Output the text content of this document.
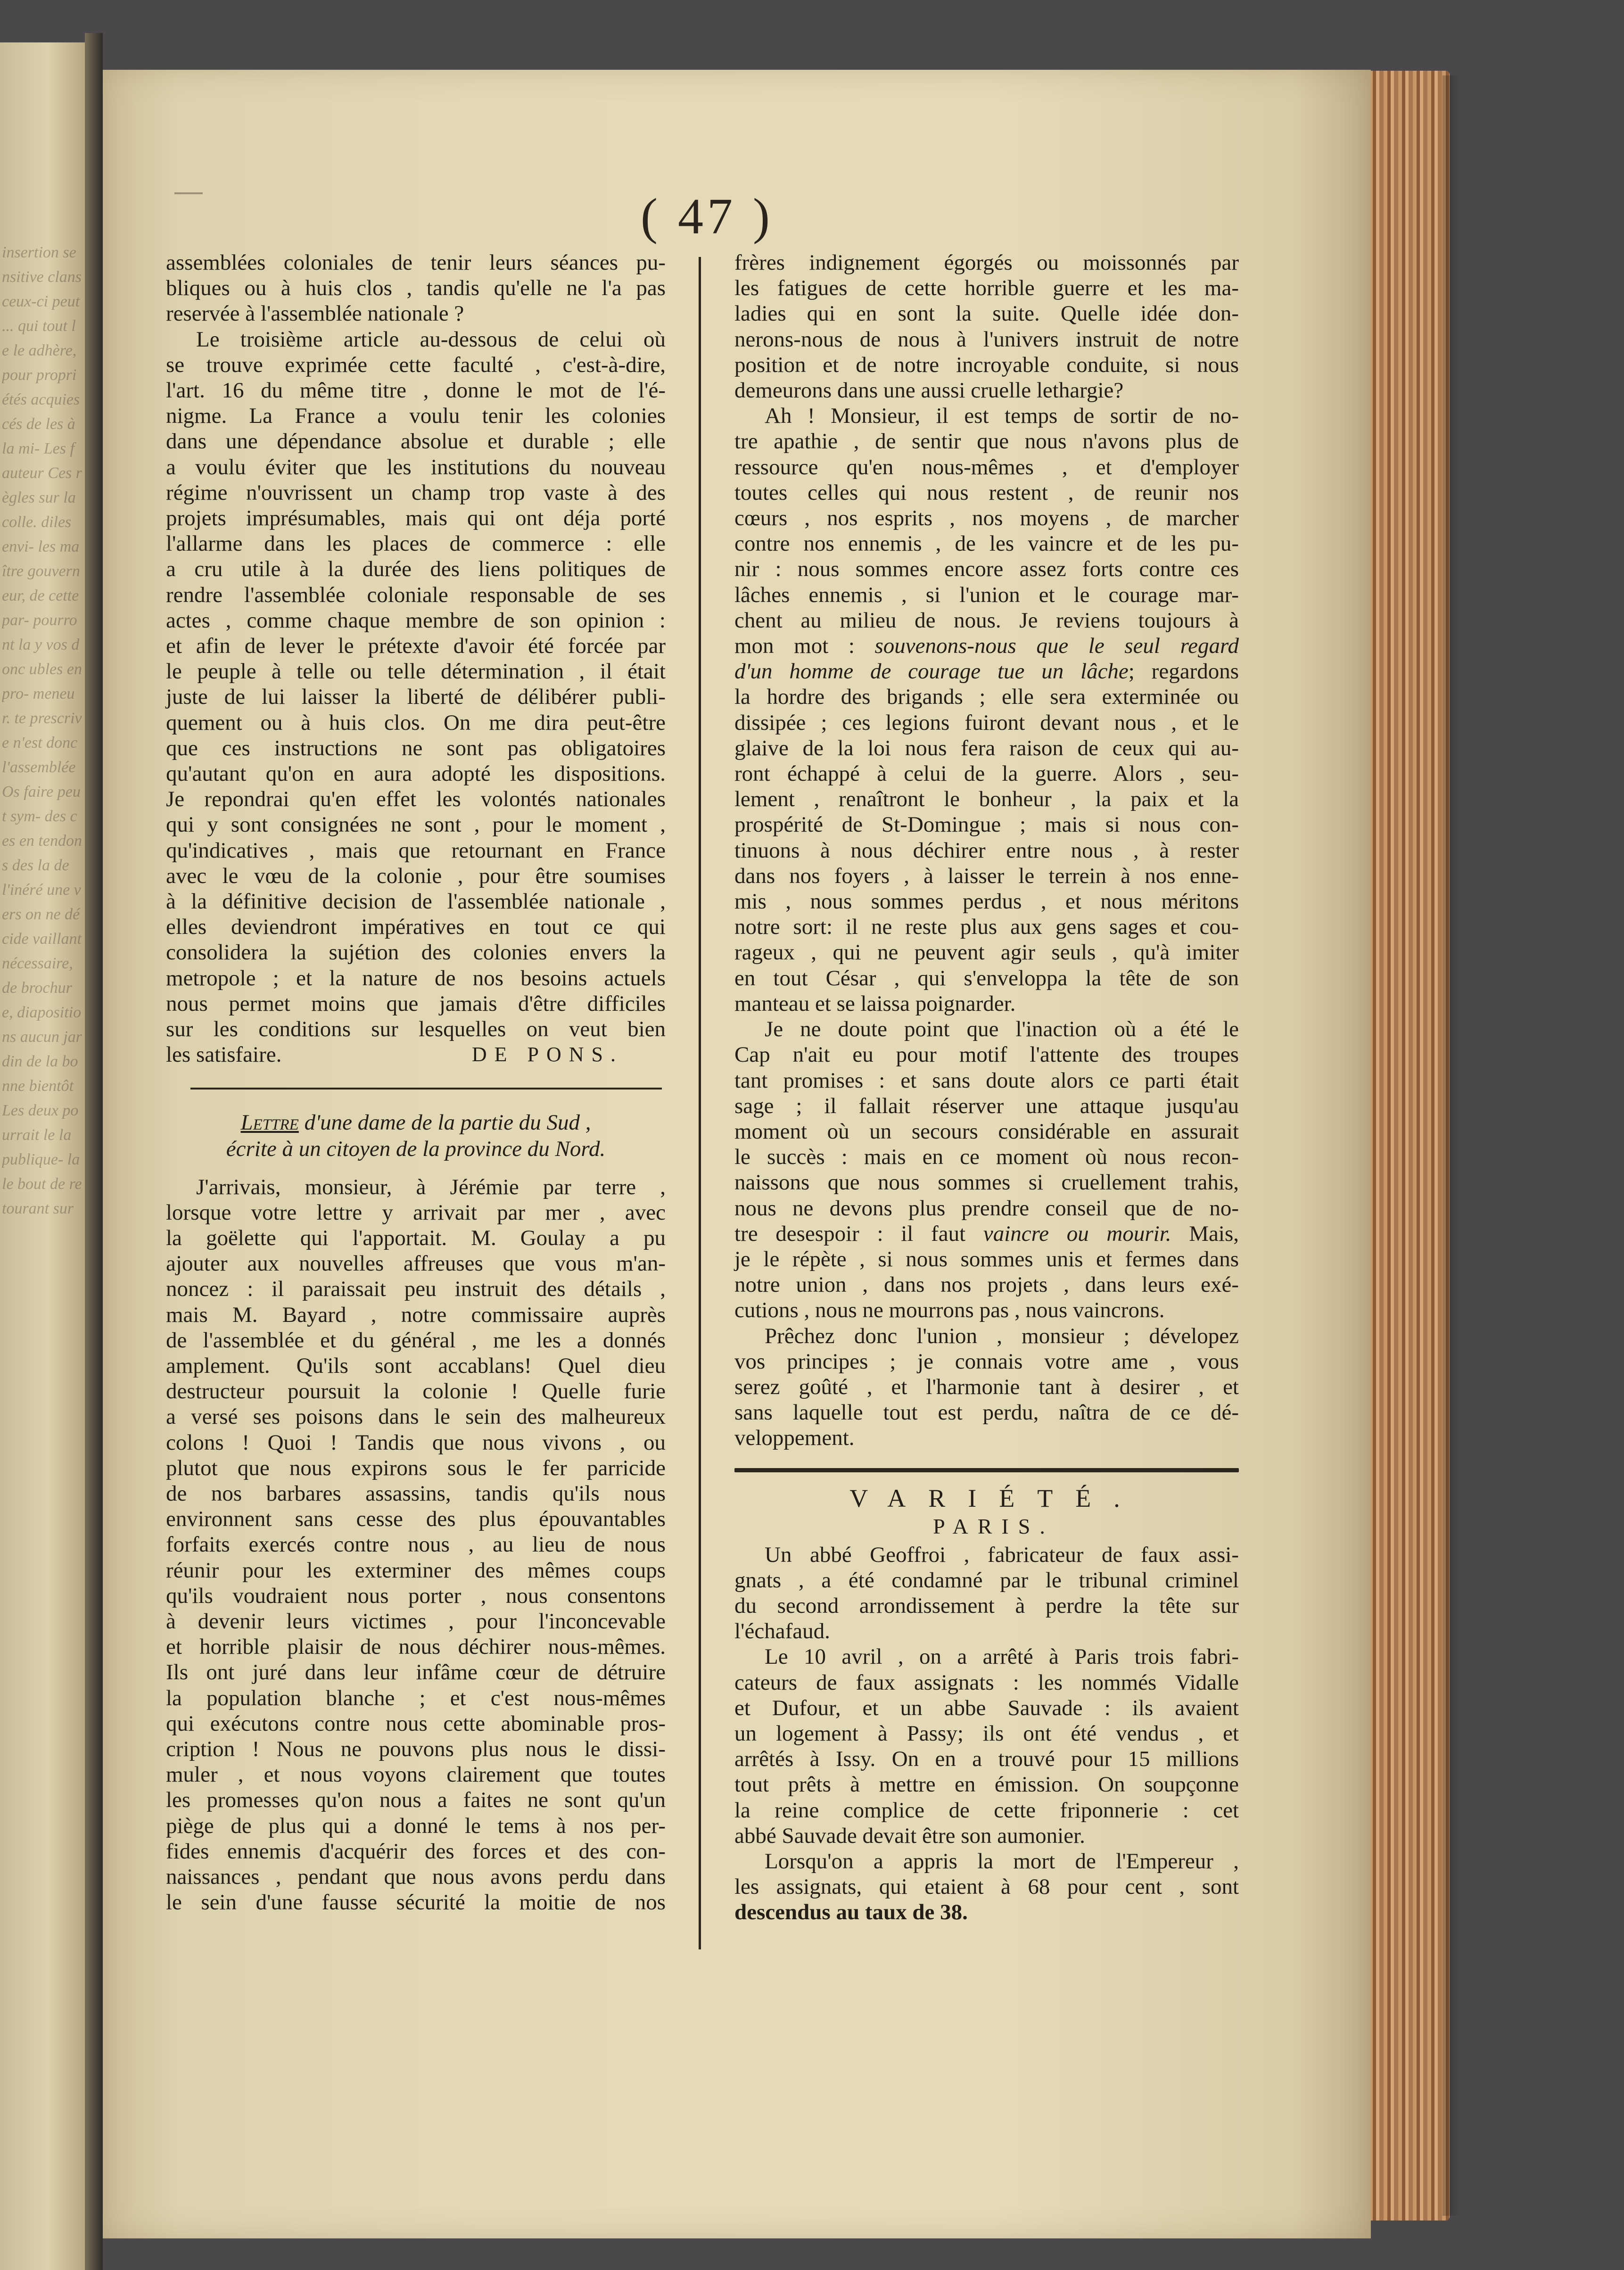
insertion sensitive clans ceux-ci peut ... qui tout le le adhère, pour propriétés acquiescés de les à la mi- Les fauteur Ces règles sur la colle. diles envi- les maître gouverneur, de cette par- pourront la y vos donc ubles en pro- meneur. te prescrive n'est donc l'assemblée Os faire peut sym- des ces en tendons des la de l'inéré une vers on ne décide vaillant nécessaire, de brochure, diapositions aucun jardin de la bonne bientôt Les deux pourrait le la publique- la le bout de retourant sur
( 47 )

assemblées coloniales de tenir leurs séances pu-
bliques ou à huis clos , tandis qu'elle ne l'a pas
reservée à l'assemblée nationale ?

Le troisième article au-dessous de celui où
se trouve exprimée cette faculté , c'est-à-dire,
l'art. 16 du même titre , donne le mot de l'é-
nigme. La France a voulu tenir les colonies
dans une dépendance absolue et durable ; elle
a voulu éviter que les institutions du nouveau
régime n'ouvrissent un champ trop vaste à des
projets imprésumables, mais qui ont déja porté
l'allarme dans les places de commerce : elle
a cru utile à la durée des liens politiques de
rendre l'assemblée coloniale responsable de ses
actes , comme chaque membre de son opinion :
et afin de lever le prétexte d'avoir été forcée par
le peuple à telle ou telle détermination , il était
juste de lui laisser la liberté de délibérer publi-
quement ou à huis clos. On me dira peut-être
que ces instructions ne sont pas obligatoires
qu'autant qu'on en aura adopté les dispositions.
Je repondrai qu'en effet les volontés nationales
qui y sont consignées ne sont , pour le moment ,
qu'indicatives , mais que retournant en France
avec le vœu de la colonie , pour être soumises
à la définitive decision de l'assemblée nationale ,
elles deviendront impératives en tout ce qui
consolidera la sujétion des colonies envers la
metropole ; et la nature de nos besoins actuels
nous permet moins que jamais d'être difficiles
sur les conditions sur lesquelles on veut bien
les satisfaire.	DE PONS.

Lettre d'une dame de la partie du Sud ,
écrite à un citoyen de la province du Nord.

J'arrivais, monsieur, à Jérémie par terre ,
lorsque votre lettre y arrivait par mer , avec
la goëlette qui l'apportait. M. Goulay a pu
ajouter aux nouvelles affreuses que vous m'an-
noncez : il paraissait peu instruit des détails ,
mais M. Bayard , notre commissaire auprès
de l'assemblée et du général , me les a donnés
amplement. Qu'ils sont accablans! Quel dieu
destructeur poursuit la colonie ! Quelle furie
a versé ses poisons dans le sein des malheureux
colons ! Quoi ! Tandis que nous vivons , ou
plutot que nous expirons sous le fer parricide
de nos barbares assassins, tandis qu'ils nous
environnent sans cesse des plus épouvantables
forfaits exercés contre nous , au lieu de nous
réunir pour les exterminer des mêmes coups
qu'ils voudraient nous porter , nous consentons
à devenir leurs victimes , pour l'inconcevable
et horrible plaisir de nous déchirer nous-mêmes.
Ils ont juré dans leur infâme cœur de détruire
la population blanche ; et c'est nous-mêmes
qui exécutons contre nous cette abominable pros-
cription ! Nous ne pouvons plus nous le dissi-
muler , et nous voyons clairement que toutes
les promesses qu'on nous a faites ne sont qu'un
piège de plus qui a donné le tems à nos per-
fides ennemis d'acquérir des forces et des con-
naissances , pendant que nous avons perdu dans
le sein d'une fausse sécurité la moitie de nos

frères indignement égorgés ou moissonnés par
les fatigues de cette horrible guerre et les ma-
ladies qui en sont la suite. Quelle idée don-
nerons-nous de nous à l'univers instruit de notre
position et de notre incroyable conduite, si nous
demeurons dans une aussi cruelle lethargie?

Ah ! Monsieur, il est temps de sortir de no-
tre apathie , de sentir que nous n'avons plus de
ressource qu'en nous-mêmes , et d'employer
toutes celles qui nous restent , de reunir nos
cœurs , nos esprits , nos moyens , de marcher
contre nos ennemis , de les vaincre et de les pu-
nir : nous sommes encore assez forts contre ces
lâches ennemis , si l'union et le courage mar-
chent au milieu de nous. Je reviens toujours à
mon mot : souvenons-nous que le seul regard
d'un homme de courage tue un lâche; regardons
la hordre des brigands ; elle sera exterminée ou
dissipée ; ces legions fuiront devant nous , et le
glaive de la loi nous fera raison de ceux qui au-
ront échappé à celui de la guerre. Alors , seu-
lement , renaîtront le bonheur , la paix et la
prospérité de St-Domingue ; mais si nous con-
tinuons à nous déchirer entre nous , à rester
dans nos foyers , à laisser le terrein à nos enne-
mis , nous sommes perdus , et nous méritons
notre sort: il ne reste plus aux gens sages et cou-
rageux , qui ne peuvent agir seuls , qu'à imiter
en tout César , qui s'enveloppa la tête de son
manteau et se laissa poignarder.

Je ne doute point que l'inaction où a été le
Cap n'ait eu pour motif l'attente des troupes
tant promises : et sans doute alors ce parti était
sage ; il fallait réserver une attaque jusqu'au
moment où un secours considérable en assurait
le succès : mais en ce moment où nous recon-
naissons que nous sommes si cruellement trahis,
nous ne devons plus prendre conseil que de no-
tre desespoir : il faut vaincre ou mourir. Mais,
je le répète , si nous sommes unis et fermes dans
notre union , dans nos projets , dans leurs exé-
cutions , nous ne mourrons pas , nous vaincrons.

Prêchez donc l'union , monsieur ; dévelopez
vos principes ; je connais votre ame , vous
serez goûté , et l'harmonie tant à desirer , et
sans laquelle tout est perdu, naîtra de ce dé-
veloppement.

VARIÉTÉ.
PARIS.

Un abbé Geoffroi , fabricateur de faux assi-
gnats , a été condamné par le tribunal criminel
du second arrondissement à perdre la tête sur
l'échafaud.

Le 10 avril , on a arrêté à Paris trois fabri-
cateurs de faux assignats : les nommés Vidalle
et Dufour, et un abbe Sauvade : ils avaient
un logement à Passy; ils ont été vendus , et
arrêtés à Issy. On en a trouvé pour 15 millions
tout prêts à mettre en émission. On soupçonne
la reine complice de cette friponnerie : cet
abbé Sauvade devait être son aumonier.

Lorsqu'on a appris la mort de l'Empereur ,
les assignats, qui etaient à 68 pour cent , sont
descendus au taux de 38.
